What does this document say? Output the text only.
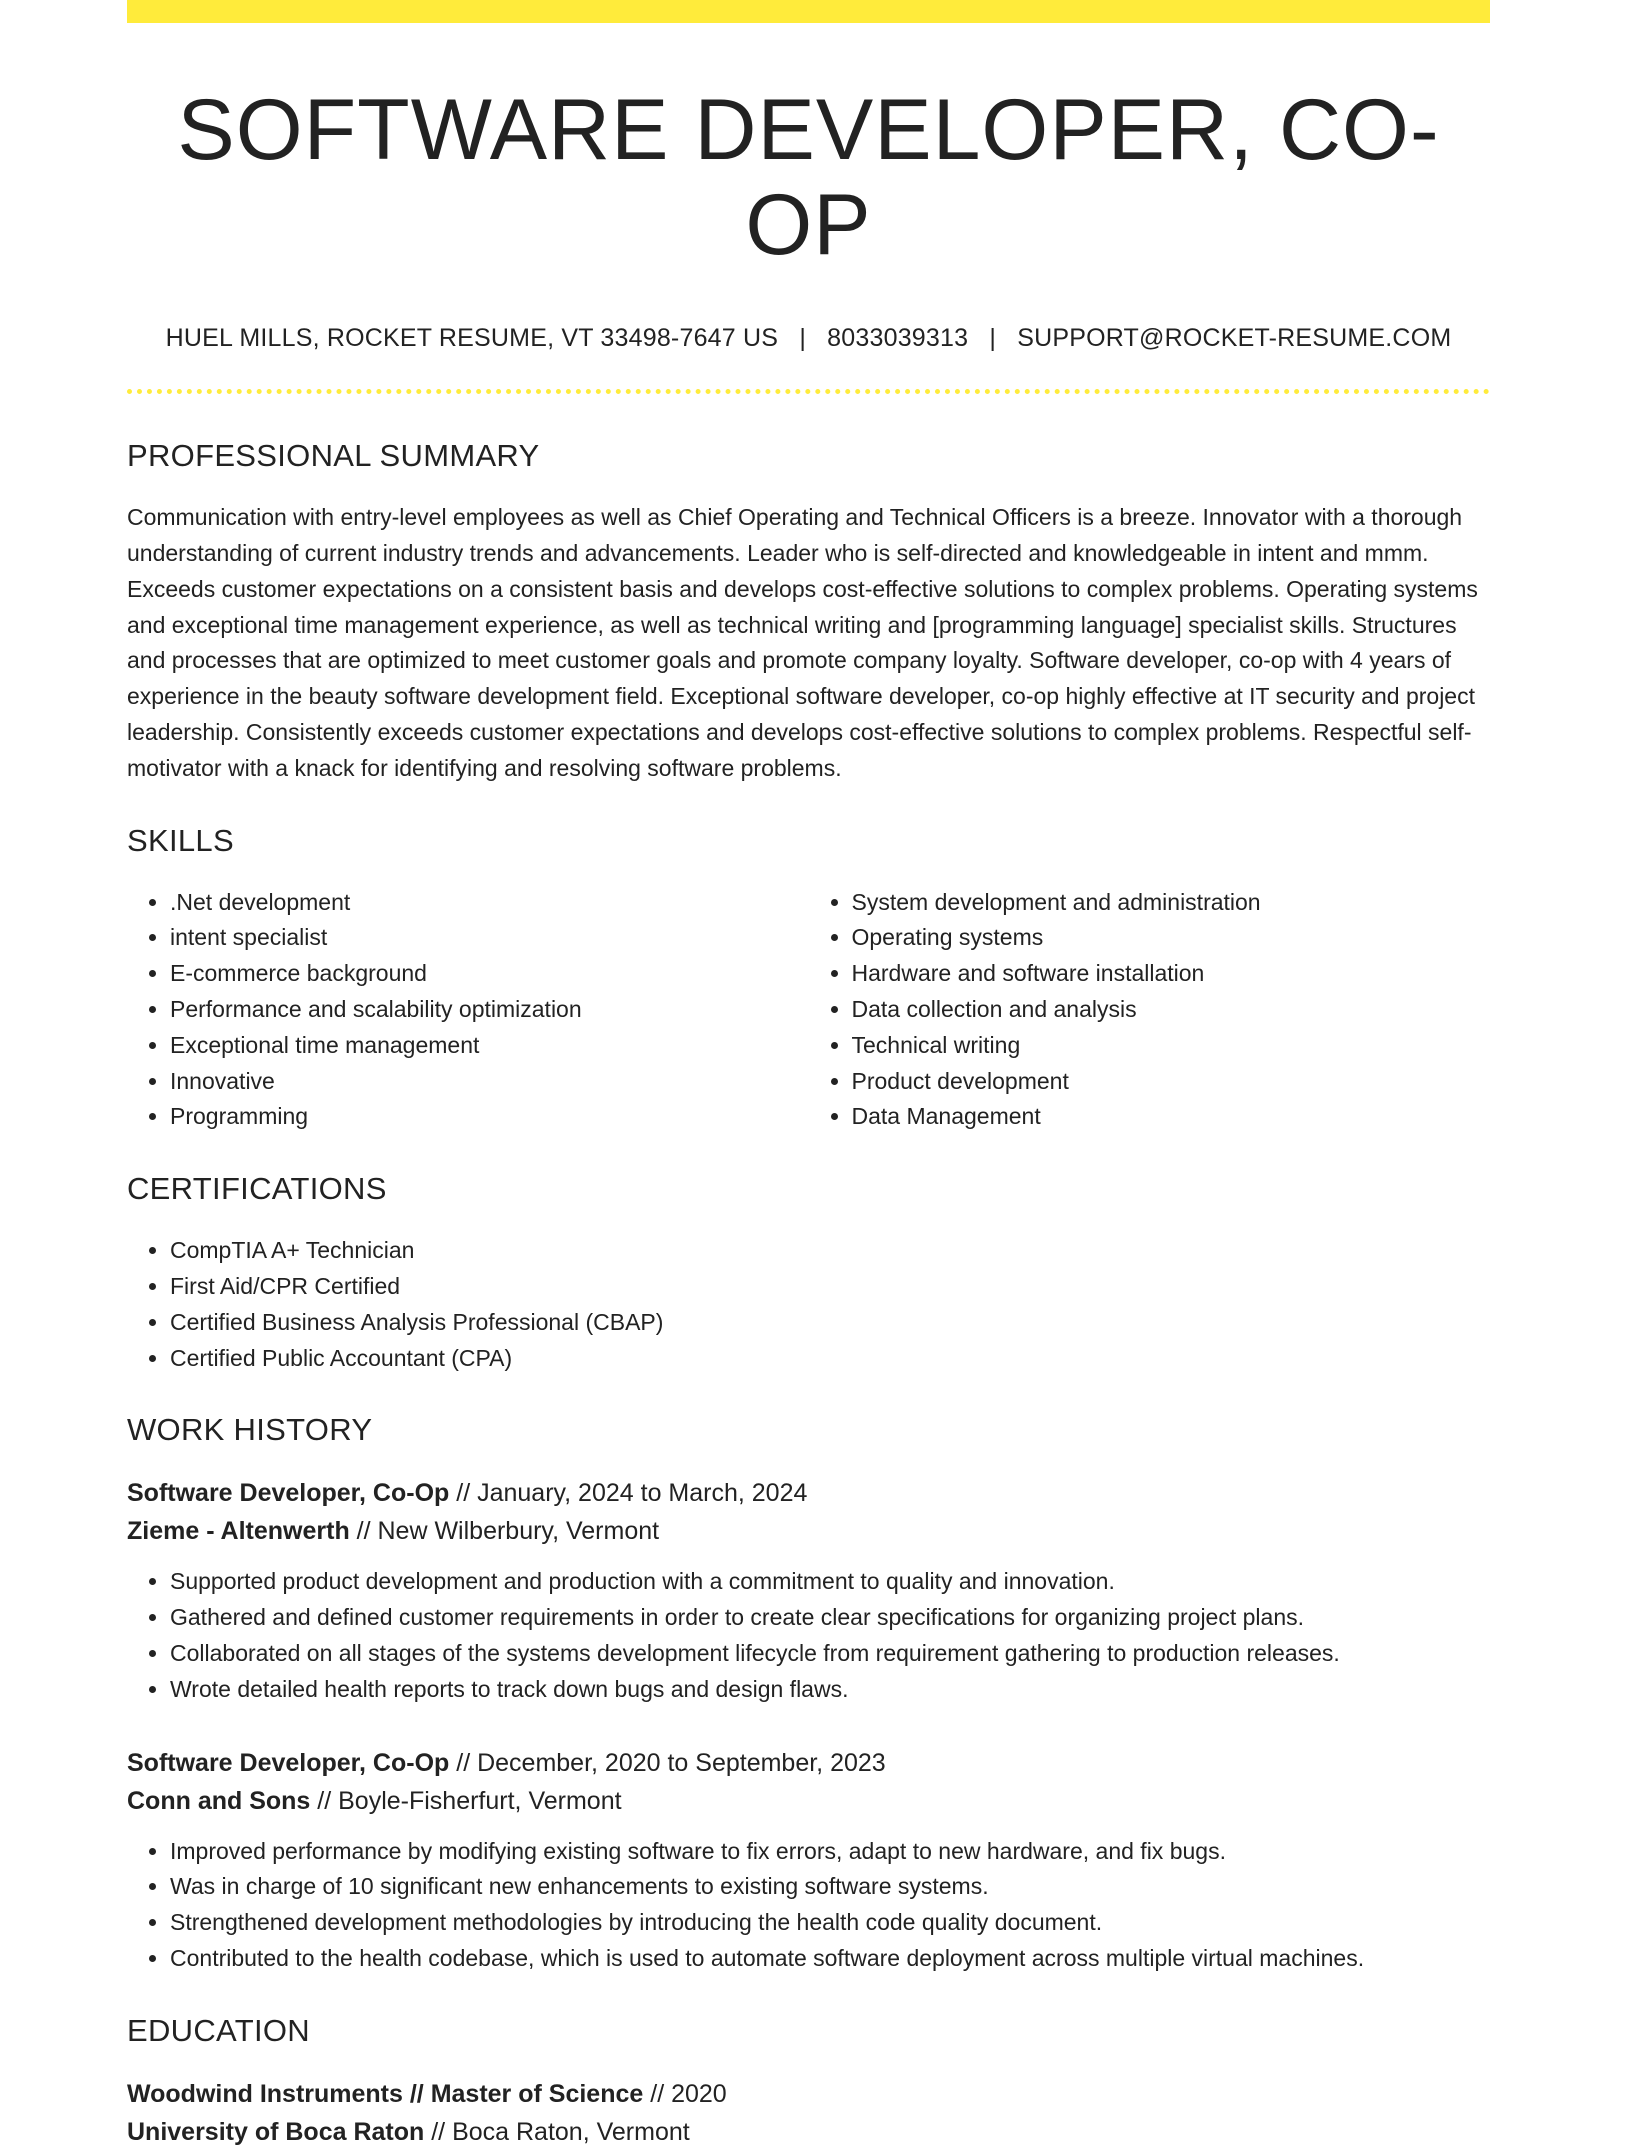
SOFTWARE DEVELOPER, CO-OP
HUEL MILLS, ROCKET RESUME, VT 33498-7647 US | 8033039313 | SUPPORT@ROCKET-RESUME.COM
PROFESSIONAL SUMMARY

Communication with entry-level employees as well as Chief Operating and Technical Officers is a breeze. Innovator with a thorough understanding of current industry trends and advancements. Leader who is self-directed and knowledgeable in intent and mmm. Exceeds customer expectations on a consistent basis and develops cost-effective solutions to complex problems. Operating systems and exceptional time management experience, as well as technical writing and [programming language] specialist skills. Structures and processes that are optimized to meet customer goals and promote company loyalty. Software developer, co-op with 4 years of experience in the beauty software development field. Exceptional software developer, co-op highly effective at IT security and project leadership. Consistently exceeds customer expectations and develops cost-effective solutions to complex problems. Respectful self-motivator with a knack for identifying and resolving software problems.

SKILLS
• .Net development
• intent specialist
• E-commerce background
• Performance and scalability optimization
• Exceptional time management
• Innovative
• Programming
• System development and administration
• Operating systems
• Hardware and software installation
• Data collection and analysis
• Technical writing
• Product development
• Data Management
CERTIFICATIONS
• CompTIA A+ Technician
• First Aid/CPR Certified
• Certified Business Analysis Professional (CBAP)
• Certified Public Accountant (CPA)
WORK HISTORY
Software Developer, Co-Op // January, 2024 to March, 2024
Zieme - Altenwerth // New Wilberbury, Vermont
• Supported product development and production with a commitment to quality and innovation.
• Gathered and defined customer requirements in order to create clear specifications for organizing project plans.
• Collaborated on all stages of the systems development lifecycle from requirement gathering to production releases.
• Wrote detailed health reports to track down bugs and design flaws.
Software Developer, Co-Op // December, 2020 to September, 2023
Conn and Sons // Boyle-Fisherfurt, Vermont
• Improved performance by modifying existing software to fix errors, adapt to new hardware, and fix bugs.
• Was in charge of 10 significant new enhancements to existing software systems.
• Strengthened development methodologies by introducing the health code quality document.
• Contributed to the health codebase, which is used to automate software deployment across multiple virtual machines.
EDUCATION
Woodwind Instruments // Master of Science // 2020
University of Boca Raton // Boca Raton, Vermont
